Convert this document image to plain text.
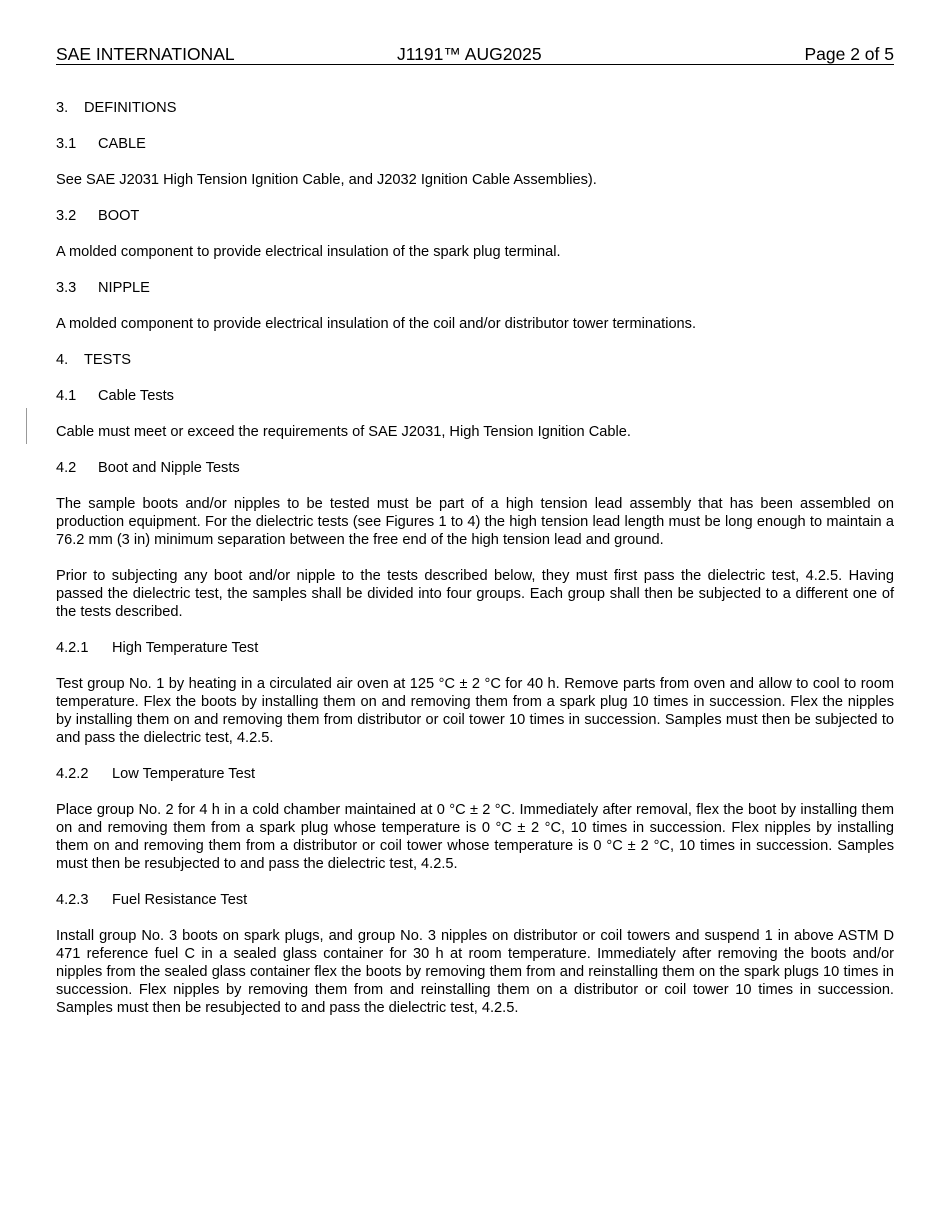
SAE INTERNATIONAL	J1191™ AUG2025	Page 2 of 5
3. DEFINITIONS
3.1 CABLE

See SAE J2031 High Tension Ignition Cable, and J2032 Ignition Cable Assemblies).

3.2 BOOT

A molded component to provide electrical insulation of the spark plug terminal.

3.3 NIPPLE

A molded component to provide electrical insulation of the coil and/or distributor tower terminations.

4. TESTS
4.1 Cable Tests

Cable must meet or exceed the requirements of SAE J2031, High Tension Ignition Cable.

4.2 Boot and Nipple Tests

The sample boots and/or nipples to be tested must be part of a high tension lead assembly that has been assembled on production equipment. For the dielectric tests (see Figures 1 to 4) the high tension lead length must be long enough to maintain a 76.2 mm (3 in) minimum separation between the free end of the high tension lead and ground.

Prior to subjecting any boot and/or nipple to the tests described below, they must first pass the dielectric test, 4.2.5. Having passed the dielectric test, the samples shall be divided into four groups. Each group shall then be subjected to a different one of the tests described.

4.2.1 High Temperature Test

Test group No. 1 by heating in a circulated air oven at 125 °C ± 2 °C for 40 h. Remove parts from oven and allow to cool to room temperature. Flex the boots by installing them on and removing them from a spark plug 10 times in succession. Flex the nipples by installing them on and removing them from distributor or coil tower 10 times in succession. Samples must then be subjected to and pass the dielectric test, 4.2.5.

4.2.2 Low Temperature Test

Place group No. 2 for 4 h in a cold chamber maintained at 0 °C ± 2 °C. Immediately after removal, flex the boot by installing them on and removing them from a spark plug whose temperature is 0 °C ± 2 °C, 10 times in succession. Flex nipples by installing them on and removing them from a distributor or coil tower whose temperature is 0 °C ± 2 °C, 10 times in succession. Samples must then be resubjected to and pass the dielectric test, 4.2.5.

4.2.3 Fuel Resistance Test

Install group No. 3 boots on spark plugs, and group No. 3 nipples on distributor or coil towers and suspend 1 in above ASTM D 471 reference fuel C in a sealed glass container for 30 h at room temperature. Immediately after removing the boots and/or nipples from the sealed glass container flex the boots by removing them from and reinstalling them on the spark plugs 10 times in succession. Flex nipples by removing them from and reinstalling them on a distributor or coil tower 10 times in succession. Samples must then be resubjected to and pass the dielectric test, 4.2.5.
